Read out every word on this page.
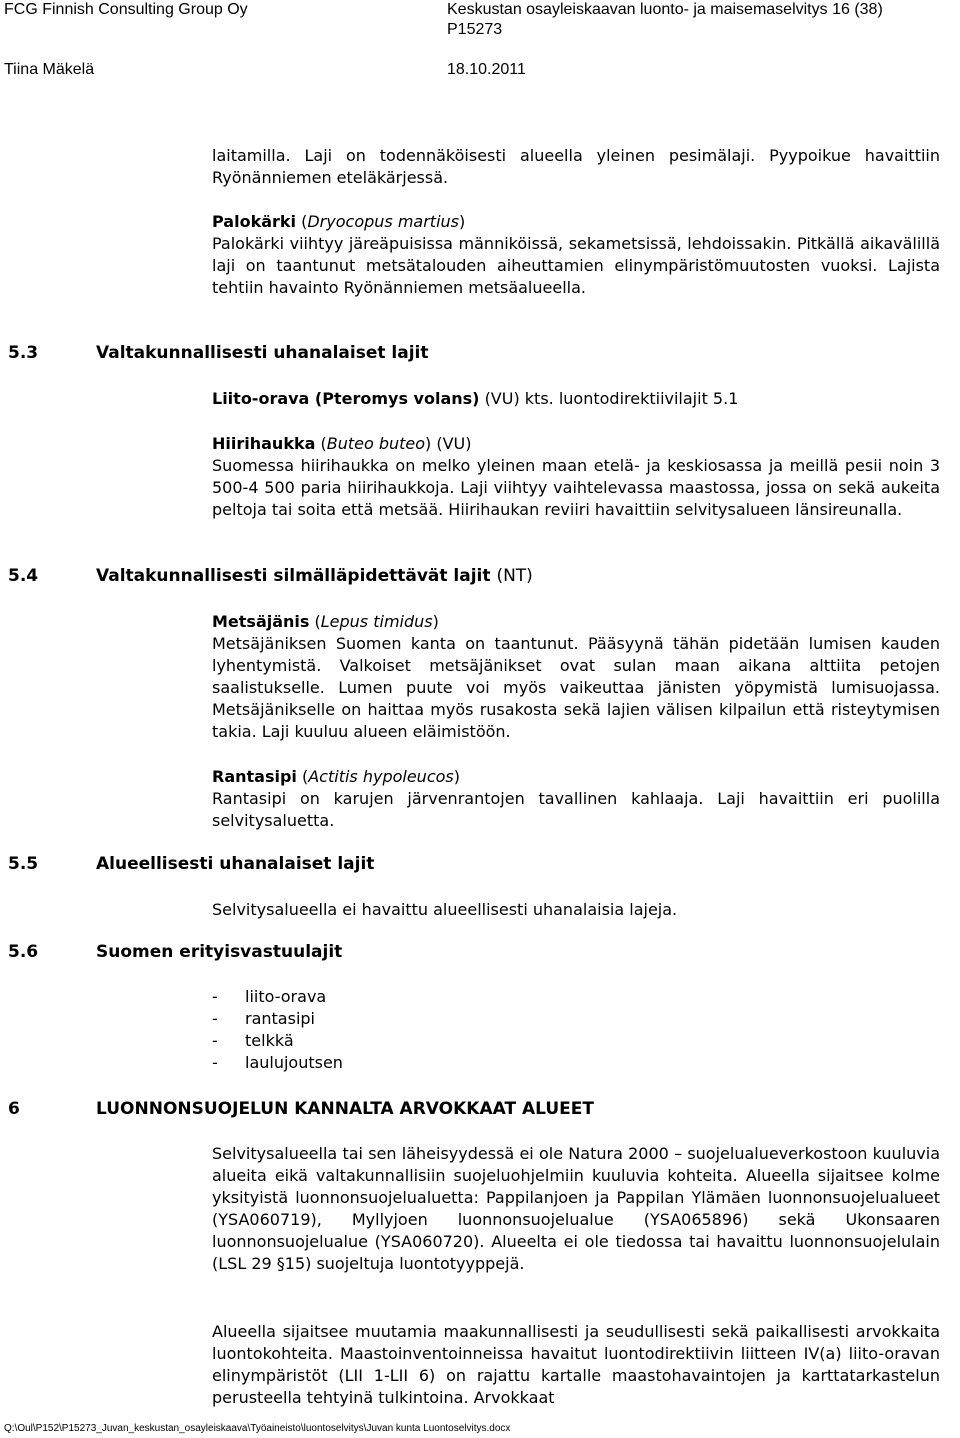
FCG Finnish Consulting Group Oy	Keskustan osayleiskaavan luonto- ja maisemaselvitys 16 (38)
P15273
Tiina Mäkelä	18.10.2011
laitamilla. Laji on todennäköisesti alueella yleinen pesimälaji. Pyypoikue havaittiin Ryönänniemen eteläkärjessä.
Palokärki (Dryocopus martius)
Palokärki viihtyy järeäpuisissa männiköissä, sekametsissä, lehdoissakin. Pitkällä aikavälillä laji on taantunut metsätalouden aiheuttamien elinympäristömuutosten vuoksi. Lajista tehtiin havainto Ryönänniemen metsäalueella.
5.3	Valtakunnallisesti uhanalaiset lajit
Liito-orava (Pteromys volans) (VU) kts. luontodirektiivilajit 5.1
Hiirihaukka (Buteo buteo) (VU)
Suomessa hiirihaukka on melko yleinen maan etelä- ja keskiosassa ja meillä pesii noin 3 500-4 500 paria hiirihaukkoja. Laji viihtyy vaihtelevassa maastossa, jossa on sekä aukeita peltoja tai soita että metsää. Hiirihaukan reviiri havaittiin selvitysalueen länsireunalla.
5.4	Valtakunnallisesti silmälläpidettävät lajit (NT)
Metsäjänis (Lepus timidus)
Metsäjäniksen Suomen kanta on taantunut. Pääsyynä tähän pidetään lumisen kauden lyhentymistä. Valkoiset metsäjänikset ovat sulan maan aikana alttiita petojen saalistukselle. Lumen puute voi myös vaikeuttaa jänisten yöpymistä lumisuojassa. Metsäjänikselle on haittaa myös rusakosta sekä lajien välisen kilpailun että risteytymisen takia. Laji kuuluu alueen eläimistöön.
Rantasipi (Actitis hypoleucos)
Rantasipi on karujen järvenrantojen tavallinen kahlaaja. Laji havaittiin eri puolilla selvitysaluetta.
5.5	Alueellisesti uhanalaiset lajit
Selvitysalueella ei havaittu alueellisesti uhanalaisia lajeja.
5.6	Suomen erityisvastuulajit
- liito-orava
- rantasipi
- telkkä
- laulujoutsen
6	LUONNONSUOJELUN KANNALTA ARVOKKAAT ALUEET
Selvitysalueella tai sen läheisyydessä ei ole Natura 2000 – suojelualueverkostoon kuuluvia alueita eikä valtakunnallisiin suojeluohjelmiin kuuluvia kohteita. Alueella sijaitsee kolme yksityistä luonnonsuojelualuetta: Pappilanjoen ja Pappilan Ylämäen luonnonsuojelualueet (YSA060719), Myllyjoen luonnonsuojelualue (YSA065896) sekä Ukonsaaren luonnonsuojelualue (YSA060720). Alueelta ei ole tiedossa tai havaittu luonnonsuojelulain (LSL 29 §15) suojeltuja luontotyyppejä.
Alueella sijaitsee muutamia maakunnallisesti ja seudullisesti sekä paikallisesti arvokkaita luontokohteita. Maastoinventoinneissa havaitut luontodirektiivin liitteen IV(a) liito-oravan elinympäristöt (LII 1-LII 6) on rajattu kartalle maastohavaintojen ja karttatarkastelun perusteella tehtyinä tulkintoina. Arvokkaat
Q:\Oul\P152\P15273_Juvan_keskustan_osayleiskaava\Työaineisto\luontoselvitys\Juvan kunta Luontoselvitys.docx
